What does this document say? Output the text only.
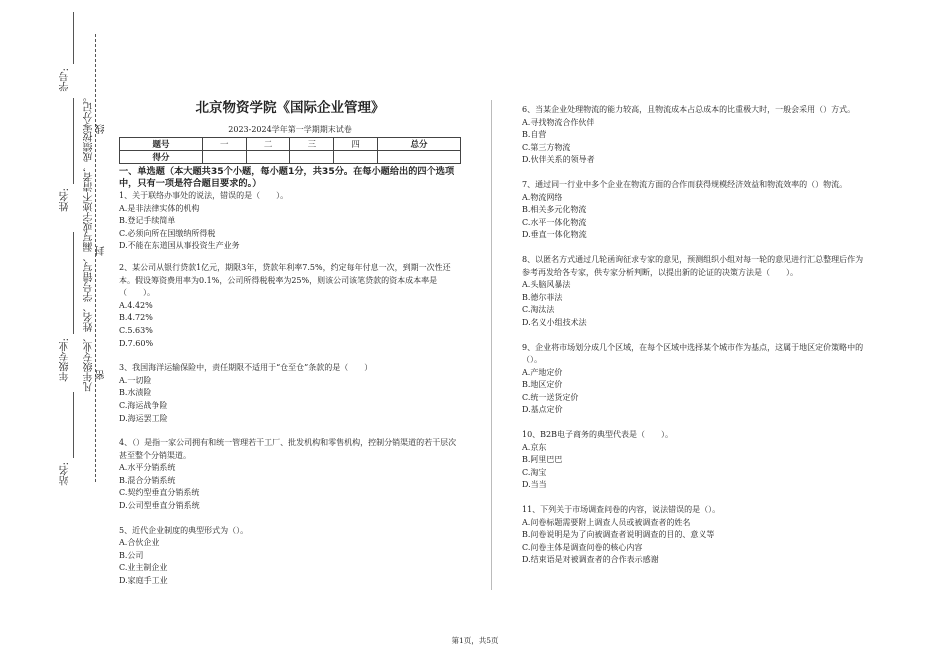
学号:
姓名:
年级专业:
站名:
凡年级专业、姓名、学号错写、漏写或字迹不清者，成绩按零分记。 密
封
线
北京物资学院《国际企业管理》
2023-2024学年第一学期期末试卷
题号	一	二	三	四	总分
得分					
一、单选题（本大题共35个小题，每小题1分，共35分。在每小题给出的四个选项中，只有一项是符合题目要求的。）

1、关于联络办事处的说法，错误的是（　　）。

A.是非法律实体的机构

B.登记手续简单

C.必须向所在国缴纳所得税

D.不能在东道国从事投资生产业务

2、某公司从银行贷款1亿元，期限3年，贷款年利率7.5%，约定每年付息一次，到期一次性还本。假设筹资费用率为0.1%，公司所得税税率为25%，则该公司该笔贷款的资本成本率是（　　）。

A.4.42%

B.4.72%

C.5.63%

D.7.60%

3、我国海洋运输保险中，责任期限不适用于“仓至仓”条款的是（　　）

A.一切险

B.水渍险

C.海运战争险

D.海运罢工险

4、（）是指一家公司拥有和统一管理若干工厂、批发机构和零售机构，控制分销渠道的若干层次甚至整个分销渠道。

A.水平分销系统

B.混合分销系统

C.契约型垂直分销系统

D.公司型垂直分销系统

5、近代企业制度的典型形式为（）。

A.合伙企业

B.公司

C.业主制企业

D.家庭手工业

6、当某企业处理物流的能力较高，且物流成本占总成本的比重极大时，一般会采用（）方式。

A.寻找物流合作伙伴

B.自营

C.第三方物流

D.伙伴关系的领导者

7、通过同一行业中多个企业在物流方面的合作而获得规模经济效益和物流效率的（）物流。

A.物流网络

B.相关多元化物流

C.水平一体化物流

D.垂直一体化物流

8、以匿名方式通过几轮函询征求专家的意见，预测组织小组对每一轮的意见进行汇总整理后作为参考再发给各专家，供专家分析判断，以提出新的论证的决策方法是（　　）。

A.头脑风暴法

B.德尔菲法

C.淘汰法

D.名义小组技术法

9、企业将市场划分成几个区域，在每个区域中选择某个城市作为基点，这属于地区定价策略中的（）。

A.产地定价

B.地区定价

C.统一送货定价

D.基点定价

10、B2B电子商务的典型代表是（　　）。

A.京东

B.阿里巴巴

C.淘宝

D.当当

11、下列关于市场调查问卷的内容，说法错误的是（）。

A.问卷标题需要附上调查人员或被调查者的姓名

B.问卷说明是为了向被调查者说明调查的目的、意义等

C.问卷主体是调查问卷的核心内容

D.结束语是对被调查者的合作表示感谢

第1页，共5页
